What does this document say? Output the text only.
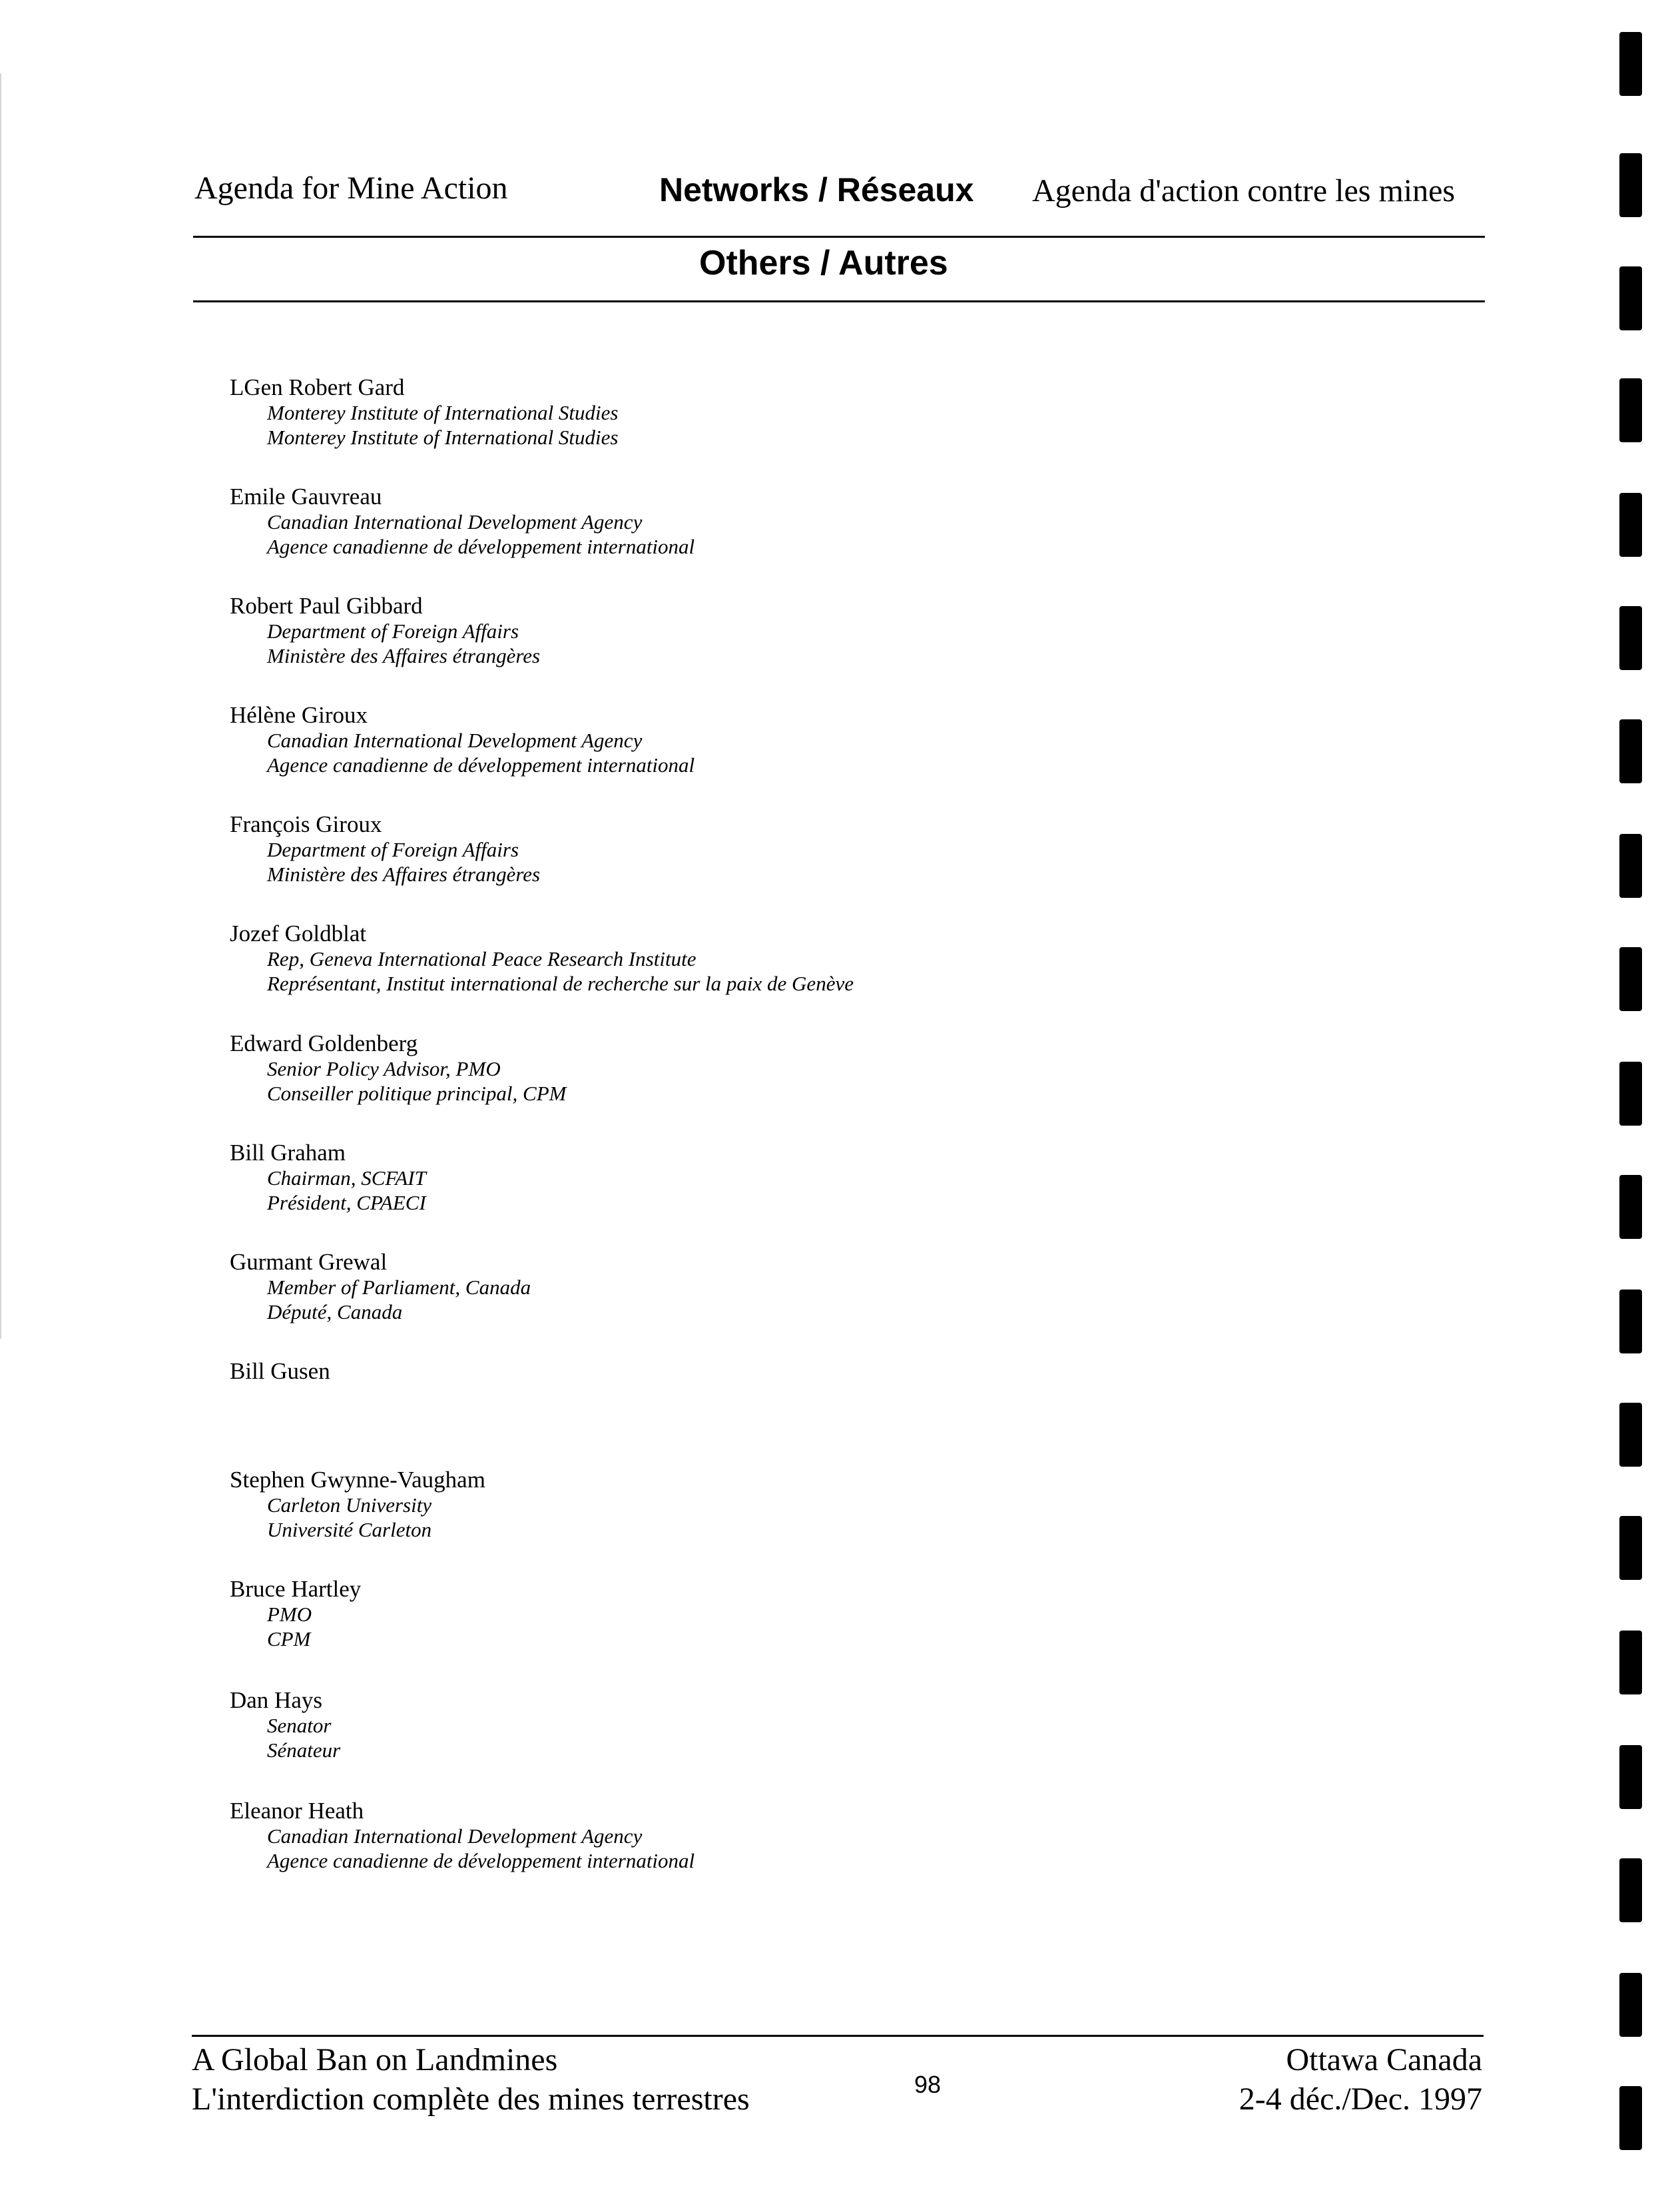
Agenda for Mine Action	Networks / Réseaux Agenda d'action contre les mines
Others / Autres
LGen Robert Gard
Monterey Institute of International Studies
Monterey Institute of International Studies
Emile Gauvreau
Canadian International Development Agency
Agence canadienne de développement international
Robert Paul Gibbard
Department of Foreign Affairs
Ministère des Affaires étrangères
Hélène Giroux
Canadian International Development Agency
Agence canadienne de développement international
François Giroux
Department of Foreign Affairs
Ministère des Affaires étrangères
Jozef Goldblat
Rep, Geneva International Peace Research Institute
Représentant, Institut international de recherche sur la paix de Genève
Edward Goldenberg
Senior Policy Advisor, PMO
Conseiller politique principal, CPM
Bill Graham
Chairman, SCFAIT
Président, CPAECI
Gurmant Grewal
Member of Parliament, Canada
Député, Canada
Bill Gusen
Stephen Gwynne-Vaugham
Carleton University
Université Carleton
Bruce Hartley
PMO
CPM
Dan Hays
Senator
Sénateur
Eleanor Heath
Canadian International Development Agency
Agence canadienne de développement international
A Global Ban on Landmines
L'interdiction complète des mines terrestres	98
Ottawa Canada
2-4 déc./Dec. 1997
